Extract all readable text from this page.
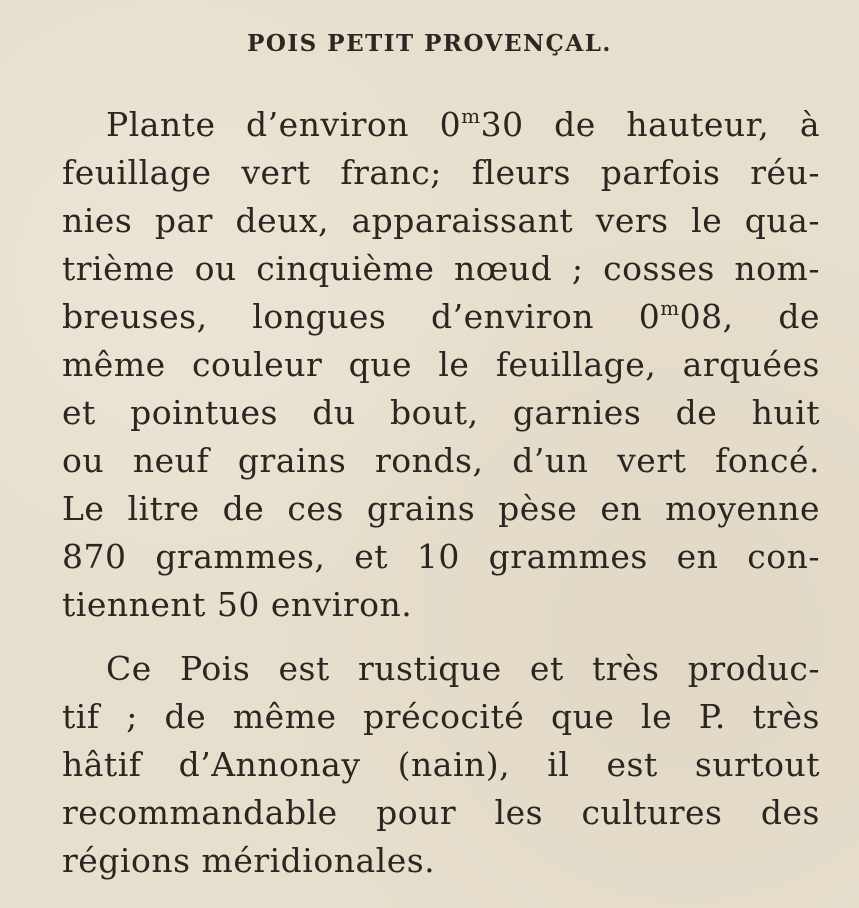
POIS PETIT PROVENÇAL.
Plante d’environ 0$^m$30 de hauteur, à
feuillage vert franc; fleurs parfois réu-
nies par deux, apparaissant vers le qua-
trième ou cinquième nœud ; cosses nom-
breuses, longues d’environ 0$^m$08, de
même couleur que le feuillage, arquées
et pointues du bout, garnies de huit
ou neuf grains ronds, d’un vert foncé.
Le litre de ces grains pèse en moyenne
870 grammes, et 10 grammes en con-
tiennent 50 environ.
Ce Pois est rustique et très produc-
tif ; de même précocité que le P. très
hâtif d’Annonay (nain), il est surtout
recommandable pour les cultures des
régions méridionales.
